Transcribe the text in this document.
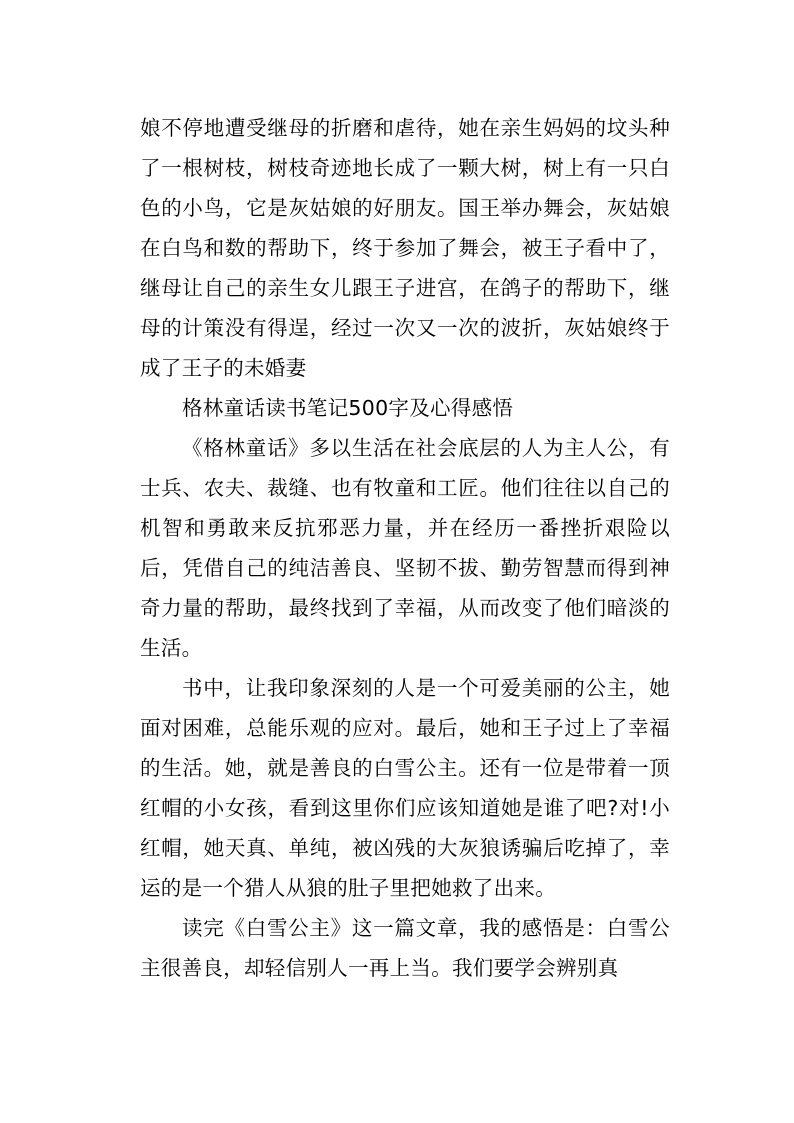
娘不停地遭受继母的折磨和虐待，她在亲生妈妈的坟头种了一根树枝，树枝奇迹地长成了一颗大树，树上有一只白色的小鸟，它是灰姑娘的好朋友。国王举办舞会，灰姑娘在白鸟和数的帮助下，终于参加了舞会，被王子看中了，继母让自己的亲生女儿跟王子进宫，在鸽子的帮助下，继母的计策没有得逞，经过一次又一次的波折，灰姑娘终于成了王子的未婚妻

格林童话读书笔记500字及心得感悟

《格林童话》多以生活在社会底层的人为主人公，有士兵、农夫、裁缝、也有牧童和工匠。他们往往以自己的机智和勇敢来反抗邪恶力量，并在经历一番挫折艰险以后，凭借自己的纯洁善良、坚韧不拔、勤劳智慧而得到神奇力量的帮助，最终找到了幸福，从而改变了他们暗淡的生活。

书中，让我印象深刻的人是一个可爱美丽的公主，她面对困难，总能乐观的应对。最后，她和王子过上了幸福的生活。她，就是善良的白雪公主。还有一位是带着一顶红帽的小女孩，看到这里你们应该知道她是谁了吧?对!小红帽，她天真、单纯，被凶残的大灰狼诱骗后吃掉了，幸运的是一个猎人从狼的肚子里把她救了出来。

读完《白雪公主》这一篇文章，我的感悟是：白雪公主很善良，却轻信别人一再上当。我们要学会辨别真
